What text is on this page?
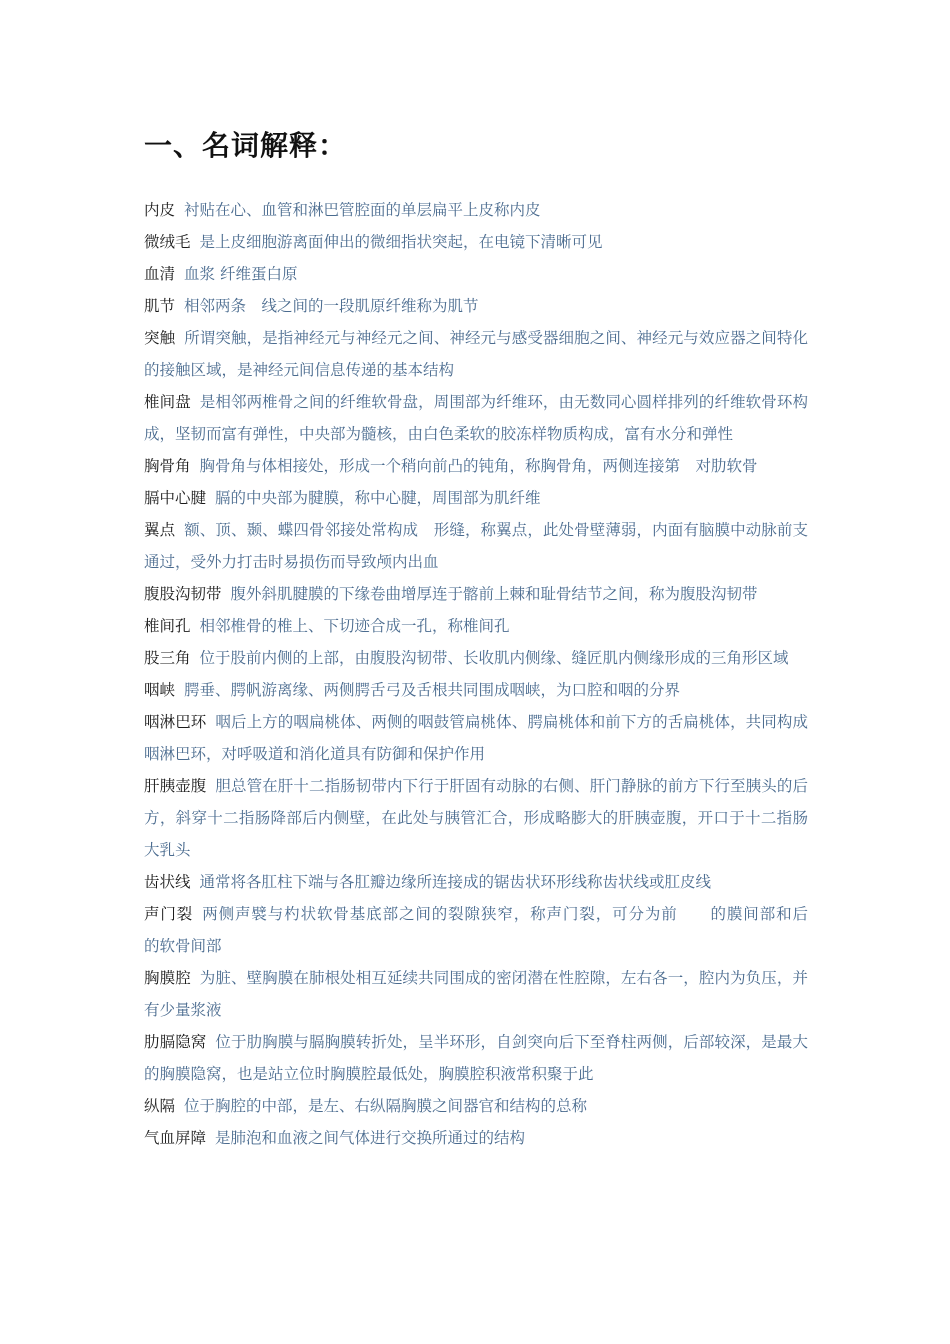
一、名词解释：

内皮 衬贴在心、血管和淋巴管腔面的单层扁平上皮称内皮

微绒毛 是上皮细胞游离面伸出的微细指状突起，在电镜下清晰可见

血清 血浆 纤维蛋白原

肌节 相邻两条　线之间的一段肌原纤维称为肌节

突触 所谓突触，是指神经元与神经元之间、神经元与感受器细胞之间、神经元与效应器之间特化的接触区域，是神经元间信息传递的基本结构

椎间盘 是相邻两椎骨之间的纤维软骨盘，周围部为纤维环，由无数同心圆样排列的纤维软骨环构成，坚韧而富有弹性，中央部为髓核，由白色柔软的胶冻样物质构成，富有水分和弹性

胸骨角 胸骨角与体相接处，形成一个稍向前凸的钝角，称胸骨角，两侧连接第　对肋软骨

膈中心腱 膈的中央部为腱膜，称中心腱，周围部为肌纤维

翼点 额、顶、颞、蝶四骨邻接处常构成　形缝，称翼点，此处骨壁薄弱，内面有脑膜中动脉前支通过，受外力打击时易损伤而导致颅内出血

腹股沟韧带 腹外斜肌腱膜的下缘卷曲增厚连于髂前上棘和耻骨结节之间，称为腹股沟韧带

椎间孔 相邻椎骨的椎上、下切迹合成一孔，称椎间孔

股三角 位于股前内侧的上部，由腹股沟韧带、长收肌内侧缘、缝匠肌内侧缘形成的三角形区域

咽峡 腭垂、腭帆游离缘、两侧腭舌弓及舌根共同围成咽峡，为口腔和咽的分界

咽淋巴环 咽后上方的咽扁桃体、两侧的咽鼓管扁桃体、腭扁桃体和前下方的舌扁桃体，共同构成咽淋巴环，对呼吸道和消化道具有防御和保护作用

肝胰壶腹 胆总管在肝十二指肠韧带内下行于肝固有动脉的右侧、肝门静脉的前方下行至胰头的后方，斜穿十二指肠降部后内侧壁，在此处与胰管汇合，形成略膨大的肝胰壶腹，开口于十二指肠大乳头

齿状线 通常将各肛柱下端与各肛瓣边缘所连接成的锯齿状环形线称齿状线或肛皮线

声门裂 两侧声襞与杓状软骨基底部之间的裂隙狭窄，称声门裂，可分为前　　的膜间部和后　　的软骨间部

胸膜腔 为脏、壁胸膜在肺根处相互延续共同围成的密闭潜在性腔隙，左右各一，腔内为负压，并有少量浆液

肋膈隐窝 位于肋胸膜与膈胸膜转折处，呈半环形，自剑突向后下至脊柱两侧，后部较深，是最大的胸膜隐窝，也是站立位时胸膜腔最低处，胸膜腔积液常积聚于此

纵隔 位于胸腔的中部，是左、右纵隔胸膜之间器官和结构的总称

气血屏障 是肺泡和血液之间气体进行交换所通过的结构
